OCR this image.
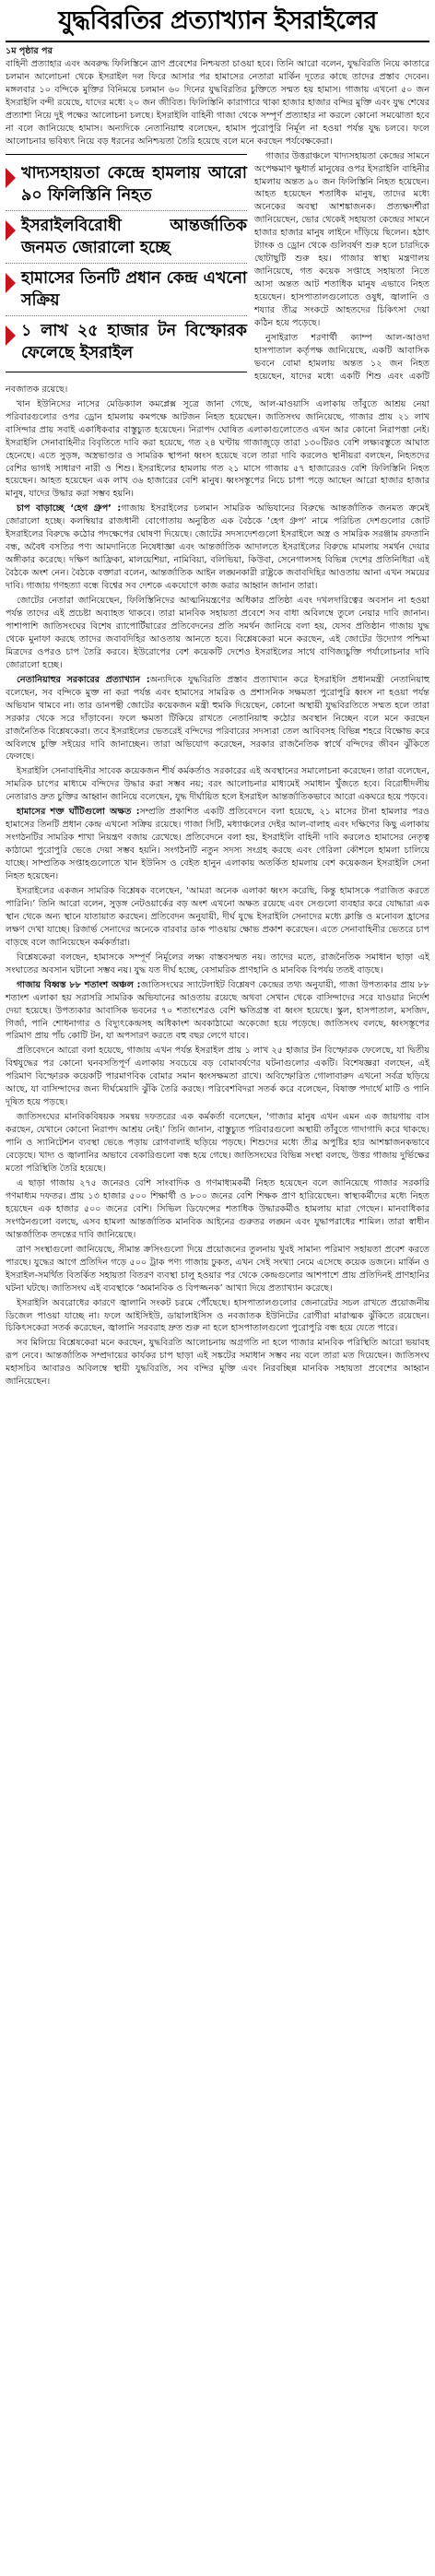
যুদ্ধবিরতির প্রত্যাখ্যান ইসরাইলের

১ম পৃষ্ঠার পর
বাহিনী প্রত্যাহার এবং অবরুদ্ধ ফিলিস্তিনে ত্রাণ প্রবেশের নিশ্চয়তা চাওয়া হবে। তিনি আরো বলেন, যুদ্ধবিরতি নিয়ে কাতারে চলমান আলোচনা থেকে ইসরাইল দল ফিরে আসার পর হামাসের নেতারা মার্কিন দূতের কাছে তাদের প্রস্তাব দেবেন। মঙ্গলবার ১০ বন্দিকে মুক্তির বিনিময়ে চলমান ৬০ দিনের যুদ্ধবিরতির চুক্তিতে সম্মত হয় হামাস। গাজায় এখনো ৫০ জন ইসরাইলি বন্দী রয়েছে, যাদের মধ্যে ২০ জন জীবিত। ফিলিস্তিনি কারাগারে থাকা হাজার হাজার বন্দির মুক্তি এবং যুদ্ধ শেষের প্রত্যাশা নিয়ে দুই পক্ষের আলোচনা চলছে। ইসরাইলি বাহিনী গাজা থেকে সম্পূর্ণ প্রত্যাহার না করলে কোনো সমঝোতা হবে না বলে জানিয়েছে হামাস। অন্যদিকে নেতানিয়াহু বলেছেন, হামাস পুরোপুরি নির্মূল না হওয়া পর্যন্ত যুদ্ধ চলবে। ফলে আলোচনার ভবিষ্যৎ নিয়ে বড় ধরনের অনিশ্চয়তা তৈরি হয়েছে বলে মনে করছেন পর্যবেক্ষকেরা।

খাদ্যসহায়তা কেন্দ্রে হামলায় আরো ৯০ ফিলিস্তিনি নিহত
ইসরাইলবিরোধী আন্তর্জাতিক জনমত জোরালো হচ্ছে
হামাসের তিনটি প্রধান কেন্দ্র এখনো সক্রিয়
১ লাখ ২৫ হাজার টন বিস্ফোরক ফেলেছে ইসরাইল

গাজার উত্তরাঞ্চলে খাদ্যসহায়তা কেন্দ্রের সামনে অপেক্ষমাণ ক্ষুধার্ত মানুষের ওপর ইসরাইলি বাহিনীর হামলায় অন্তত ৯০ জন ফিলিস্তিনি নিহত হয়েছেন। আহত হয়েছেন শতাধিক মানুষ, তাদের মধ্যে অনেকের অবস্থা আশঙ্কাজনক। প্রত্যক্ষদর্শীরা জানিয়েছেন, ভোর থেকেই সহায়তা কেন্দ্রের সামনে হাজার হাজার মানুষ লাইনে দাঁড়িয়ে ছিলেন। হঠাৎ ট্যাংক ও ড্রোন থেকে গুলিবর্ষণ শুরু হলে চারদিকে ছোটাছুটি শুরু হয়। গাজার স্বাস্থ্য মন্ত্রণালয় জানিয়েছে, গত কয়েক সপ্তাহে সহায়তা নিতে আসা অন্তত আট শতাধিক মানুষ এভাবে নিহত হয়েছেন। হাসপাতালগুলোতে ওষুধ, জ্বালানি ও শয্যার তীব্র সংকটে আহতদের চিকিৎসা দেয়া কঠিন হয়ে পড়েছে।

নুসাইরাত শরণার্থী ক্যাম্প আল-আওদা হাসপাতাল কর্তৃপক্ষ জানিয়েছে, একটি আবাসিক ভবনে বোমা হামলায় অন্তত ১২ জন নিহত হয়েছেন, যাদের মধ্যে একটি শিশু এবং একটি নবজাতক রয়েছে।

খান ইউনিসের নাসের মেডিক্যাল কমপ্লেক্স সূত্রে জানা গেছে, আল-মাওয়াসি এলাকায় তাঁবুতে আশ্রয় নেয়া পরিবারগুলোর ওপর ড্রোন হামলায় কমপক্ষে আটজন নিহত হয়েছেন। জাতিসংঘ জানিয়েছে, গাজার প্রায় ২১ লাখ বাসিন্দার প্রায় সবাই একাধিকবার বাস্তুচ্যুত হয়েছেন। নিরাপদ ঘোষিত এলাকাগুলোতেও এখন আর কোনো নিরাপত্তা নেই। ইসরাইলি সেনাবাহিনীর বিবৃতিতে দাবি করা হয়েছে, গত ২৪ ঘণ্টায় গাজাজুড়ে তারা ১৩০টিরও বেশি লক্ষ্যবস্তুতে আঘাত হেনেছে। এতে সুড়ঙ্গ, অস্ত্রভাণ্ডার ও সামরিক স্থাপনা ধ্বংস হয়েছে বলে তারা দাবি করলেও স্থানীয়রা বলছেন, নিহতদের বেশির ভাগই সাধারণ নারী ও শিশু। ইসরাইলের হামলায় গত ২১ মাসে গাজায় ৫৭ হাজারেরও বেশি ফিলিস্তিনি নিহত হয়েছেন। আহত হয়েছেন এক লাখ ৩৬ হাজারের বেশি মানুষ। ধ্বংসস্তূপের নিচে চাপা পড়ে আছেন আরো হাজার হাজার মানুষ, যাদের উদ্ধার করা সম্ভব হয়নি।

চাপ বাড়াচ্ছে ‘হেগ গ্রুপ’ :গাজায় ইসরাইলের চলমান সামরিক অভিযানের বিরুদ্ধে আন্তর্জাতিক জনমত ক্রমেই জোরালো হচ্ছে। কলম্বিয়ার রাজধানী বোগোতায় অনুষ্ঠিত এক বৈঠকে ‘হেগ গ্রুপ’ নামে পরিচিত দেশগুলোর জোট ইসরাইলের বিরুদ্ধে কঠোর পদক্ষেপের ঘোষণা দিয়েছে। জোটের সদস্যদেশগুলো ইসরাইলে অস্ত্র ও সামরিক সরঞ্জাম রফতানি বন্ধ, অবৈধ বসতির পণ্য আমদানিতে নিষেধাজ্ঞা এবং আন্তর্জাতিক আদালতে ইসরাইলের বিরুদ্ধে মামলায় সমর্থন দেয়ার অঙ্গীকার করেছে। দক্ষিণ আফ্রিকা, মালয়েশিয়া, নামিবিয়া, বলিভিয়া, কিউবা, সেনেগালসহ বিভিন্ন দেশের প্রতিনিধিরা এই বৈঠকে অংশ নেন। বৈঠকে বক্তারা বলেন, আন্তর্জাতিক আইন লঙ্ঘনকারী রাষ্ট্রকে জবাবদিহির আওতায় আনা এখন সময়ের দাবি। গাজায় গণহত্যা বন্ধে বিশ্বের সব দেশকে একযোগে কাজ করার আহ্বান জানান তারা।

জোটের নেতারা জানিয়েছেন, ফিলিস্তিনিদের আত্মনিয়ন্ত্রণের অধিকার প্রতিষ্ঠা এবং দখলদারিত্বের অবসান না হওয়া পর্যন্ত তাদের এই প্রচেষ্টা অব্যাহত থাকবে। তারা মানবিক সহায়তা প্রবেশে সব বাধা অবিলম্বে তুলে নেয়ার দাবি জানান। পাশাপাশি জাতিসংঘের বিশেষ র‌্যাপোর্টিয়ারের প্রতিবেদনের প্রতি সমর্থন জানিয়ে বলা হয়, যেসব প্রতিষ্ঠান গাজায় যুদ্ধ থেকে মুনাফা করছে তাদের জবাবদিহির আওতায় আনতে হবে। বিশ্লেষকেরা মনে করছেন, এই জোটের উদ্যোগ পশ্চিমা মিত্রদের ওপরও চাপ তৈরি করবে। ইউরোপের বেশ কয়েকটি দেশেও ইসরাইলের সাথে বাণিজ্যচুক্তি পর্যালোচনার দাবি জোরালো হচ্ছে।

নেতানিয়াহুর সরকারের প্রত্যাখ্যান :অন্যদিকে যুদ্ধবিরতি প্রস্তাব প্রত্যাখ্যান করে ইসরাইলি প্রধানমন্ত্রী নেতানিয়াহু বলেছেন, সব বন্দিকে মুক্ত না করা পর্যন্ত এবং হামাসের সামরিক ও প্রশাসনিক সক্ষমতা পুরোপুরি ধ্বংস না হওয়া পর্যন্ত অভিযান থামবে না। তার ডানপন্থী জোটের কয়েকজন মন্ত্রী হুমকি দিয়েছেন, কোনো অস্থায়ী যুদ্ধবিরতিতে সম্মত হলে তারা সরকার থেকে সরে দাঁড়াবেন। ফলে ক্ষমতা টিকিয়ে রাখতে নেতানিয়াহু কঠোর অবস্থান নিচ্ছেন বলে মনে করছেন রাজনৈতিক বিশ্লেষকেরা। তবে ইসরাইলের ভেতরেই বন্দিদের পরিবারের সদস্যরা তেল আবিবসহ বিভিন্ন শহরে বিক্ষোভ করে অবিলম্বে চুক্তি সইয়ের দাবি জানাচ্ছেন। তারা অভিযোগ করেছেন, সরকার রাজনৈতিক স্বার্থে বন্দিদের জীবন ঝুঁকিতে ফেলছে।

ইসরাইলি সেনাবাহিনীর সাবেক কয়েকজন শীর্ষ কর্মকর্তাও সরকারের এই অবস্থানের সমালোচনা করেছেন। তারা বলেছেন, সামরিক চাপের মাধ্যমে বন্দিদের উদ্ধার করা সম্ভব নয়; বরং আলোচনার মাধ্যমেই সমাধান খুঁজতে হবে। বিরোধীদলীয় নেতারাও দ্রুত চুক্তির আহ্বান জানিয়ে বলেছেন, যুদ্ধ দীর্ঘায়িত হলে ইসরাইল আন্তর্জাতিকভাবে আরো একঘরে হয়ে পড়বে।

হামাসের শক্ত ঘাঁটিগুলো অক্ষত :সম্প্রতি প্রকাশিত একটি প্রতিবেদনে বলা হয়েছে, ২১ মাসের টানা হামলার পরও হামাসের তিনটি প্রধান কেন্দ্র এখনো সক্রিয় রয়েছে। গাজা সিটি, মধ্যাঞ্চলের দেইর আল-বালাহ এবং দক্ষিণের কিছু এলাকায় সংগঠনটির সামরিক শাখা নিয়ন্ত্রণ বজায় রেখেছে। প্রতিবেদনে বলা হয়, ইসরাইলি বাহিনী দাবি করলেও হামাসের নেতৃত্ব কাঠামো পুরোপুরি ভেঙে দেয়া সম্ভব হয়নি। সংগঠনটি নতুন সদস্য সংগ্রহ করছে এবং গেরিলা কৌশলে হামলা চালিয়ে যাচ্ছে। সাম্প্রতিক সপ্তাহগুলোতে খান ইউনিস ও বেইত হানুন এলাকায় অতর্কিত হামলায় বেশ কয়েকজন ইসরাইলি সেনা নিহত হয়েছেন।

ইসরাইলের একজন সামরিক বিশ্লেষক বলেছেন, ‘আমরা অনেক এলাকা ধ্বংস করেছি, কিন্তু হামাসকে পরাজিত করতে পারিনি।’ তিনি আরো বলেন, সুড়ঙ্গ নেটওয়ার্কের বড় অংশ এখনো অক্ষত রয়েছে এবং সেগুলো ব্যবহার করে যোদ্ধারা এক স্থান থেকে অন্য স্থানে যাতায়াত করছেন। প্রতিবেদন অনুযায়ী, দীর্ঘ যুদ্ধে ইসরাইলি সেনাদের মধ্যে ক্লান্তি ও মনোবল হ্রাসের লক্ষণ দেখা যাচ্ছে। রিজার্ভ সেনাদের অনেকে বারবার ডাক পাওয়ায় ক্ষোভ প্রকাশ করেছেন। এতে সেনাবাহিনীর ভেতরে চাপ বাড়ছে বলে জানিয়েছেন কর্মকর্তারা।

বিশ্লেষকেরা বলছেন, হামাসকে সম্পূর্ণ নির্মূলের লক্ষ্য বাস্তবসম্মত নয়। তাদের মতে, রাজনৈতিক সমাধান ছাড়া এই সংঘাতের অবসান ঘটানো সম্ভব নয়। যুদ্ধ যত দীর্ঘ হচ্ছে, বেসামরিক প্রাণহানি ও মানবিক বিপর্যয় ততই বাড়ছে।

গাজায় বিধ্বস্ত ৮৮ শতাংশ অঞ্চল :জাতিসংঘের স্যাটেলাইট বিশ্লেষণ কেন্দ্রের তথ্য অনুযায়ী, গাজা উপত্যকার প্রায় ৮৮ শতাংশ এলাকা হয় সরাসরি সামরিক অভিযানের আওতায় রয়েছে অথবা সেখান থেকে বাসিন্দাদের সরে যাওয়ার নির্দেশ দেয়া হয়েছে। উপত্যকার আবাসিক ভবনের ৭০ শতাংশেরও বেশি ক্ষতিগ্রস্ত বা ধ্বংস হয়েছে। স্কুল, হাসপাতাল, মসজিদ, গির্জা, পানি শোধনাগার ও বিদ্যুৎকেন্দ্রসহ অধিকাংশ অবকাঠামো অকেজো হয়ে পড়েছে। জাতিসংঘ বলছে, ধ্বংসস্তূপের পরিমাণ প্রায় পাঁচ কোটি টন, যা অপসারণ করতে বহু বছর লেগে যাবে।

প্রতিবেদনে আরো বলা হয়েছে, গাজায় এখন পর্যন্ত ইসরাইল প্রায় ১ লাখ ২৫ হাজার টন বিস্ফোরক ফেলেছে, যা দ্বিতীয় বিশ্বযুদ্ধের পর কোনো ঘনবসতিপূর্ণ এলাকায় সবচেয়ে বড় বোমাবর্ষণের ঘটনাগুলোর একটি। বিশেষজ্ঞরা বলছেন, এই পরিমাণ বিস্ফোরক কয়েকটি পারমাণবিক বোমার সমান ধ্বংসক্ষমতা রাখে। অবিস্ফোরিত গোলাবারুদ এখনো সর্বত্র ছড়িয়ে আছে, যা বাসিন্দাদের জন্য দীর্ঘমেয়াদি ঝুঁকি তৈরি করছে। পরিবেশবিদরা সতর্ক করে বলেছেন, বিষাক্ত পদার্থে মাটি ও পানি দূষিত হয়ে পড়ছে।

জাতিসংঘের মানবিকবিষয়ক সমন্বয় দফতরের এক কর্মকর্তা বলেছেন, ‘গাজার মানুষ এখন এমন এক জায়গায় বাস করছেন, যেখানে কোনো নিরাপদ আশ্রয় নেই।’ তিনি জানান, বাস্তুচ্যুত পরিবারগুলো অস্থায়ী তাঁবুতে গাদাগাদি করে থাকছে। পানি ও স্যানিটেশন ব্যবস্থা ভেঙে পড়ায় রোগবালাই ছড়িয়ে পড়ছে। শিশুদের মধ্যে তীব্র অপুষ্টির হার আশঙ্কাজনকভাবে বেড়েছে। খাদ্য ও জ্বালানির অভাবে বেকারিগুলো বন্ধ হয়ে গেছে। জাতিসংঘের বিভিন্ন সংস্থা বলছে, উত্তর গাজায় দুর্ভিক্ষের মতো পরিস্থিতি তৈরি হয়েছে।

এ ছাড়া গাজায় ২৭৫ জনেরও বেশি সাংবাদিক ও গণমাধ্যমকর্মী নিহত হয়েছেন বলে জানিয়েছে গাজার সরকারি গণমাধ্যম দফতর। প্রায় ১৩ হাজার ৫০০ শিক্ষার্থী ও ৮০০ জনের বেশি শিক্ষক প্রাণ হারিয়েছেন। স্বাস্থ্যকর্মীদের মধ্যে নিহত হয়েছেন এক হাজার ৫০০ জনের বেশি। সিভিল ডিফেন্সের শতাধিক উদ্ধারকর্মীও হামলায় মারা গেছেন। মানবাধিকার সংগঠনগুলো বলছে, এসব হামলা আন্তর্জাতিক মানবিক আইনের গুরুতর লঙ্ঘন এবং যুদ্ধাপরাধের শামিল। তারা স্বাধীন আন্তর্জাতিক তদন্তের দাবি জানিয়েছে।

ত্রাণ সংস্থাগুলো জানিয়েছে, সীমান্ত ক্রসিংগুলো দিয়ে প্রয়োজনের তুলনায় খুবই সামান্য পরিমাণ সহায়তা প্রবেশ করতে পারছে। যুদ্ধের আগে প্রতিদিন গড়ে ৫০০ ট্রাক পণ্য গাজায় ঢুকত, এখন সেই সংখ্যা নেমে এসেছে কয়েক ডজনে। মার্কিন ও ইসরাইল-সমর্থিত বিতর্কিত সহায়তা বিতরণ ব্যবস্থা চালু হওয়ার পর থেকে কেন্দ্রগুলোর আশপাশে প্রায় প্রতিদিনই প্রাণহানির ঘটনা ঘটছে। জাতিসংঘ এই ব্যবস্থাকে ‘অমানবিক ও বিপজ্জনক’ আখ্যা দিয়ে প্রত্যাখ্যান করেছে।

ইসরাইলি অবরোধের কারণে জ্বালানি সংকট চরমে পৌঁছেছে। হাসপাতালগুলোর জেনারেটর সচল রাখতে প্রয়োজনীয় ডিজেল পাওয়া যাচ্ছে না। ফলে আইসিইউ, ডায়ালাইসিস ও নবজাতক ইউনিটের রোগীরা মারাত্মক ঝুঁকিতে রয়েছেন। চিকিৎসকেরা সতর্ক করেছেন, জ্বালানি সরবরাহ দ্রুত শুরু না হলে হাসপাতালগুলো পুরোপুরি বন্ধ হয়ে যেতে পারে।

সব মিলিয়ে বিশ্লেষকেরা মনে করছেন, যুদ্ধবিরতি আলোচনায় অগ্রগতি না হলে গাজার মানবিক পরিস্থিতি আরো ভয়াবহ রূপ নেবে। আন্তর্জাতিক সম্প্রদায়ের কার্যকর চাপ ছাড়া এই সঙ্কটের সমাধান সম্ভব নয় বলে তারা মত দিয়েছেন। জাতিসংঘ মহাসচিব আবারও অবিলম্বে স্থায়ী যুদ্ধবিরতি, সব বন্দির মুক্তি এবং নিরবচ্ছিন্ন মানবিক সহায়তা প্রবেশের আহ্বান জানিয়েছেন।
